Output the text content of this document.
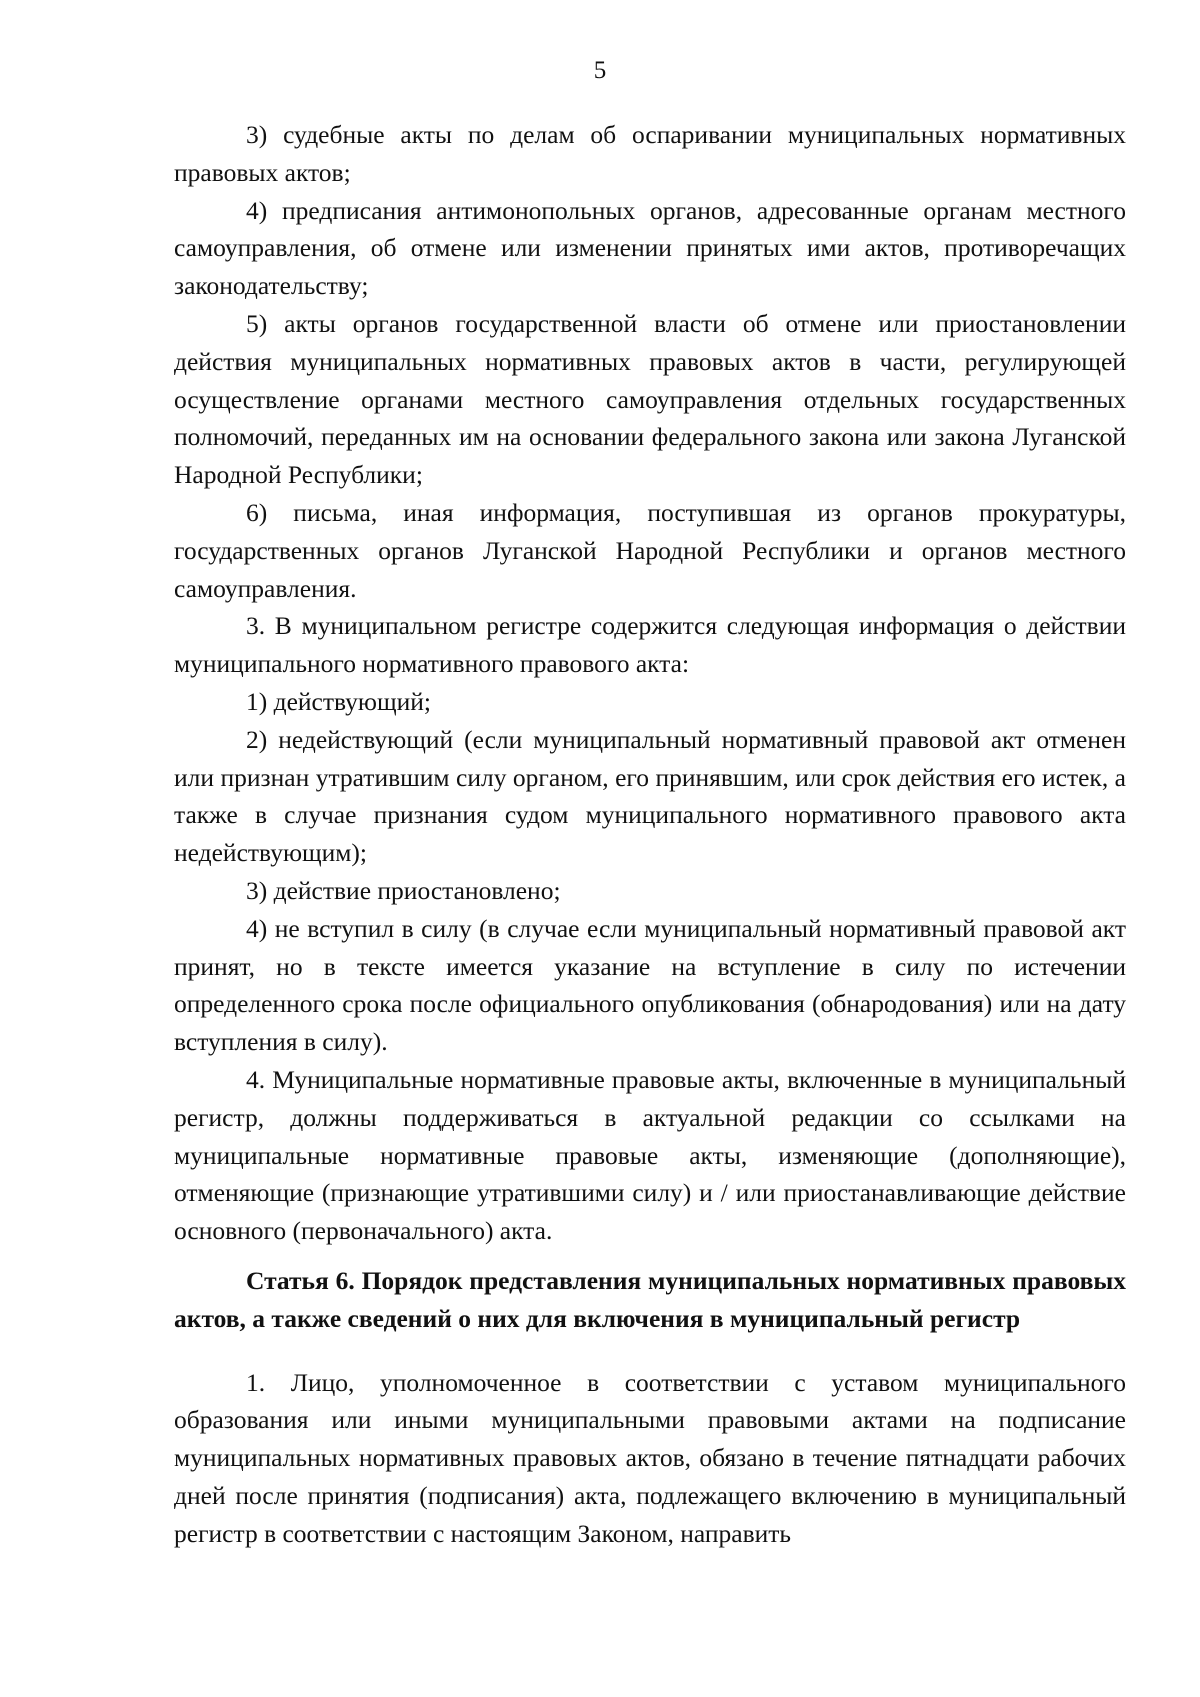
5

3) судебные акты по делам об оспаривании муниципальных нормативных правовых актов;

4) предписания антимонопольных органов, адресованные органам местного самоуправления, об отмене или изменении принятых ими актов, противоречащих законодательству;

5) акты органов государственной власти об отмене или приостановлении действия муниципальных нормативных правовых актов в части, регулирующей осуществление органами местного самоуправления отдельных государственных полномочий, переданных им на основании федерального закона или закона Луганской Народной Республики;

6) письма, иная информация, поступившая из органов прокуратуры, государственных органов Луганской Народной Республики и органов местного самоуправления.

3. В муниципальном регистре содержится следующая информация о действии муниципального нормативного правового акта:

1) действующий;

2) недействующий (если муниципальный нормативный правовой акт отменен или признан утратившим силу органом, его принявшим, или срок действия его истек, а также в случае признания судом муниципального нормативного правового акта недействующим);

3) действие приостановлено;

4) не вступил в силу (в случае если муниципальный нормативный правовой акт принят, но в тексте имеется указание на вступление в силу по истечении определенного срока после официального опубликования (обнародования) или на дату вступления в силу).

4. Муниципальные нормативные правовые акты, включенные в муниципальный регистр, должны поддерживаться в актуальной редакции со ссылками на муниципальные нормативные правовые акты, изменяющие (дополняющие), отменяющие (признающие утратившими силу) и / или приостанавливающие действие основного (первоначального) акта.

Статья 6. Порядок представления муниципальных нормативных правовых актов, а также сведений о них для включения в муниципальный регистр

1. Лицо, уполномоченное в соответствии с уставом муниципального образования или иными муниципальными правовыми актами на подписание муниципальных нормативных правовых актов, обязано в течение пятнадцати рабочих дней после принятия (подписания) акта, подлежащего включению в муниципальный регистр в соответствии с настоящим Законом, направить
